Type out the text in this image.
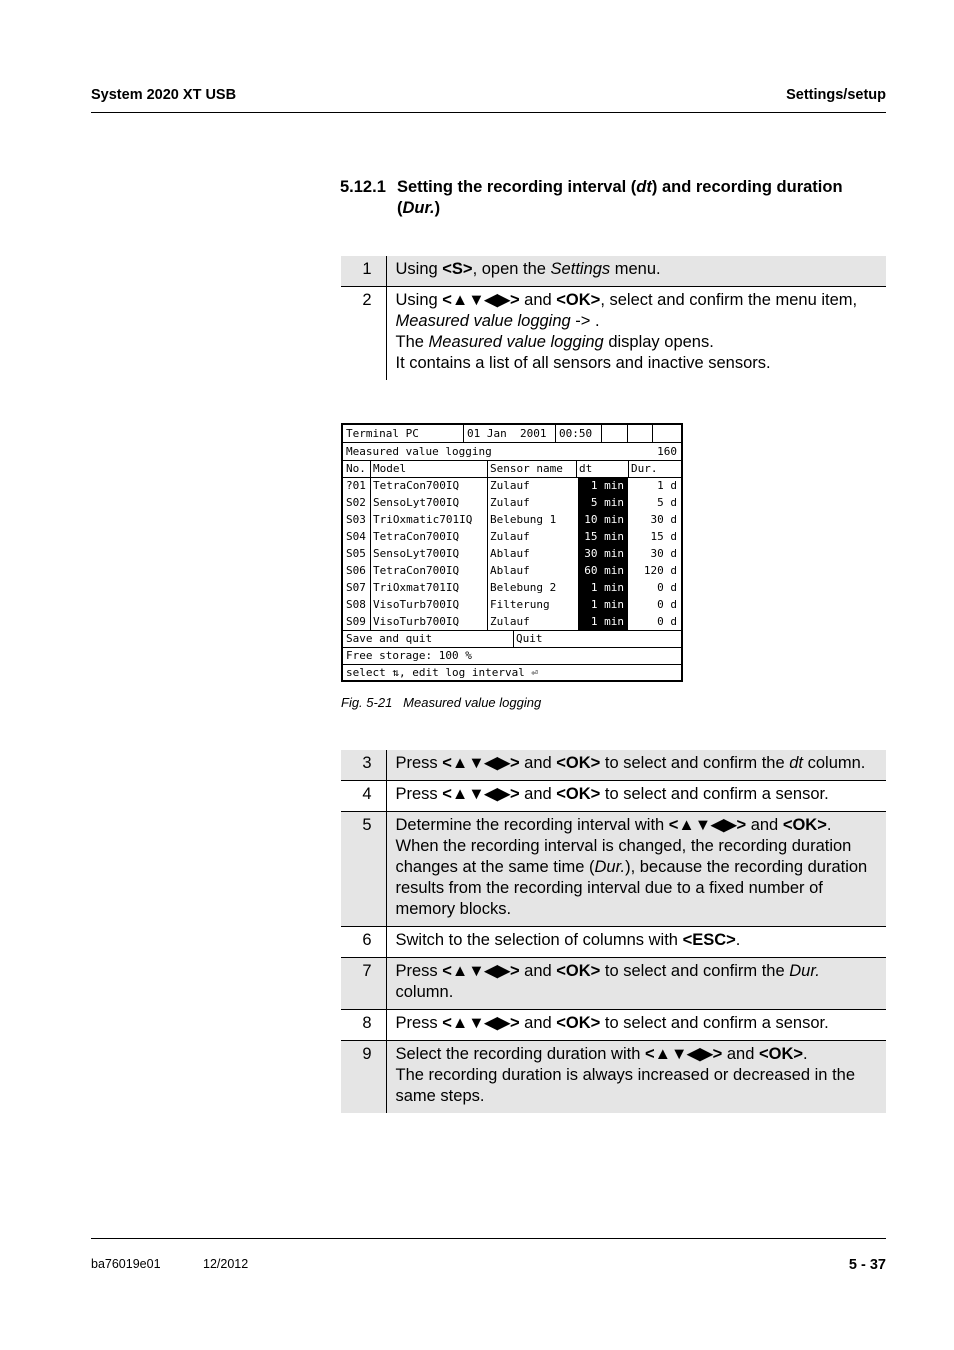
System 2020 XT USB	Settings/setup
5.12.1 Setting the recording interval (dt) and recording duration (Dur.)
1	Using <S>, open the Settings menu.
2	Using <▲▼◀▶> and <OK>, select and confirm the menu item, Measured value logging -> .
The Measured value logging display opens.
It contains a list of all sensors and inactive sensors.
Terminal PC	01 Jan  2001	00:50

Measured value logging	160
No. Model	Sensor name	dt	Dur.
?01 TetraCon700IQ	Zulauf	1 min	1 d
S02 SensoLyt700IQ	Zulauf	5 min	5 d
S03 TriOxmatic701IQ	Belebung 1	10 min	30 d
S04 TetraCon700IQ	Zulauf	15 min	15 d
S05 SensoLyt700IQ	Ablauf	30 min	30 d
S06 TetraCon700IQ	Ablauf	60 min	120 d
S07 TriOxmat701IQ	Belebung 2	1 min	0 d
S08 VisoTurb700IQ	Filterung	1 min	0 d
S09 VisoTurb700IQ	Zulauf	1 min	0 d
Save and quit	Quit
Free storage: 100 %
select ⇅, edit log interval ⏎
Fig. 5-21 Measured value logging
3	Press <▲▼◀▶> and <OK> to select and confirm the dt column.
4	Press <▲▼◀▶> and <OK> to select and confirm a sensor.
5	Determine the recording interval with <▲▼◀▶> and <OK>.
When the recording interval is changed, the recording duration changes at the same time (Dur.), because the recording duration results from the recording interval due to a fixed number of memory blocks.
6	Switch to the selection of columns with <ESC>.
7	Press <▲▼◀▶> and <OK> to select and confirm the Dur. column.
8	Press <▲▼◀▶> and <OK> to select and confirm a sensor.
9	Select the recording duration with <▲▼◀▶> and <OK>.
The recording duration is always increased or decreased in the same steps.
ba76019e01	12/2012	5 - 37
